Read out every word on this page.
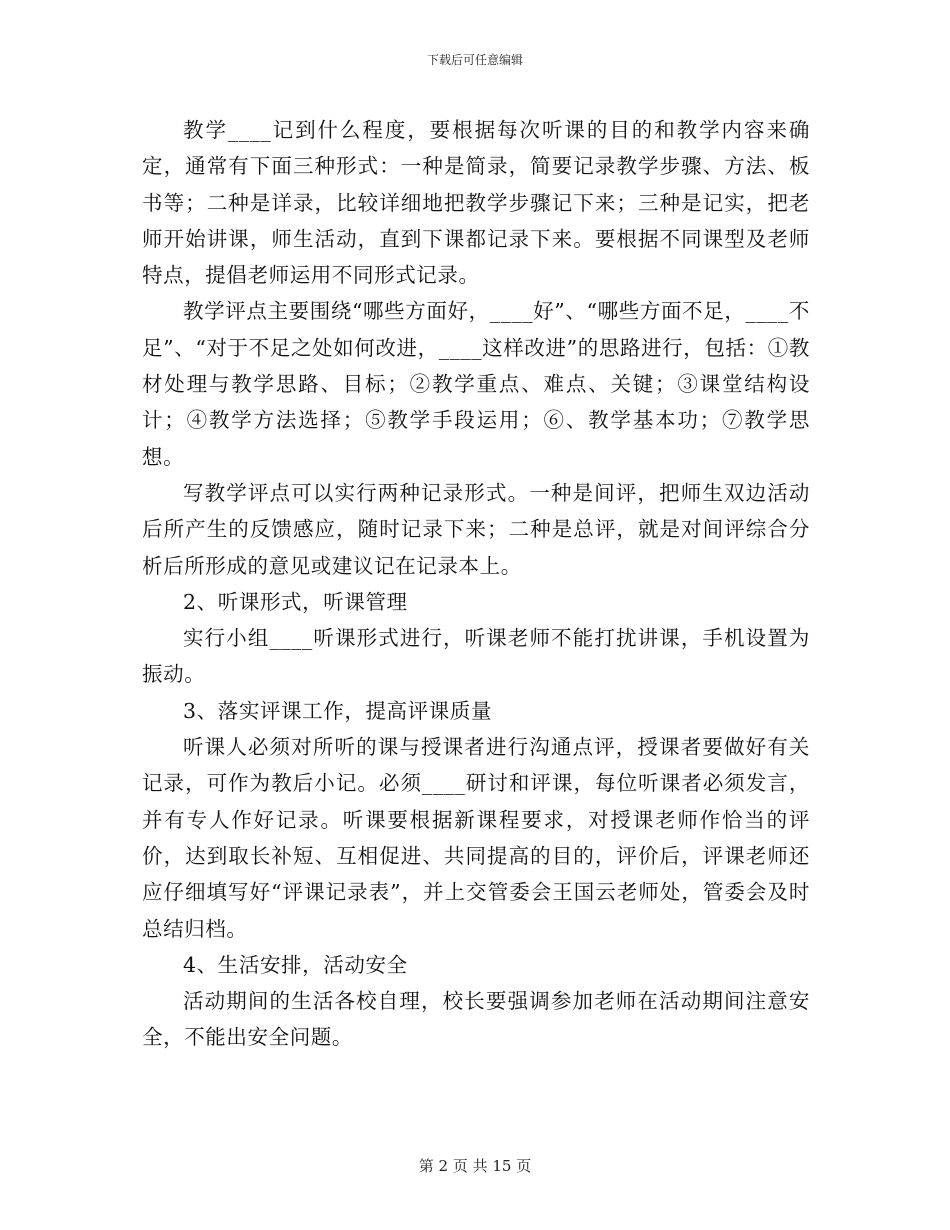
下载后可任意编辑

教学____记到什么程度，要根据每次听课的目的和教学内容来确定，通常有下面三种形式：一种是简录，简要记录教学步骤、方法、板书等；二种是详录，比较详细地把教学步骤记下来；三种是记实，把老师开始讲课，师生活动，直到下课都记录下来。要根据不同课型及老师特点，提倡老师运用不同形式记录。

教学评点主要围绕“哪些方面好，____好”、“哪些方面不足，____不足”、“对于不足之处如何改进，____这样改进”的思路进行，包括：①教材处理与教学思路、目标；②教学重点、难点、关键；③课堂结构设计；④教学方法选择；⑤教学手段运用；⑥、教学基本功；⑦教学思想。

写教学评点可以实行两种记录形式。一种是间评，把师生双边活动后所产生的反馈感应，随时记录下来；二种是总评，就是对间评综合分析后所形成的意见或建议记在记录本上。

2、听课形式，听课管理

实行小组____听课形式进行，听课老师不能打扰讲课，手机设置为振动。

3、落实评课工作，提高评课质量

听课人必须对所听的课与授课者进行沟通点评，授课者要做好有关记录，可作为教后小记。必须____研讨和评课，每位听课者必须发言，并有专人作好记录。听课要根据新课程要求，对授课老师作恰当的评价，达到取长补短、互相促进、共同提高的目的，评价后，评课老师还应仔细填写好“评课记录表”，并上交管委会王国云老师处，管委会及时总结归档。

4、生活安排，活动安全

活动期间的生活各校自理，校长要强调参加老师在活动期间注意安全，不能出安全问题。

第 2 页 共 15 页
